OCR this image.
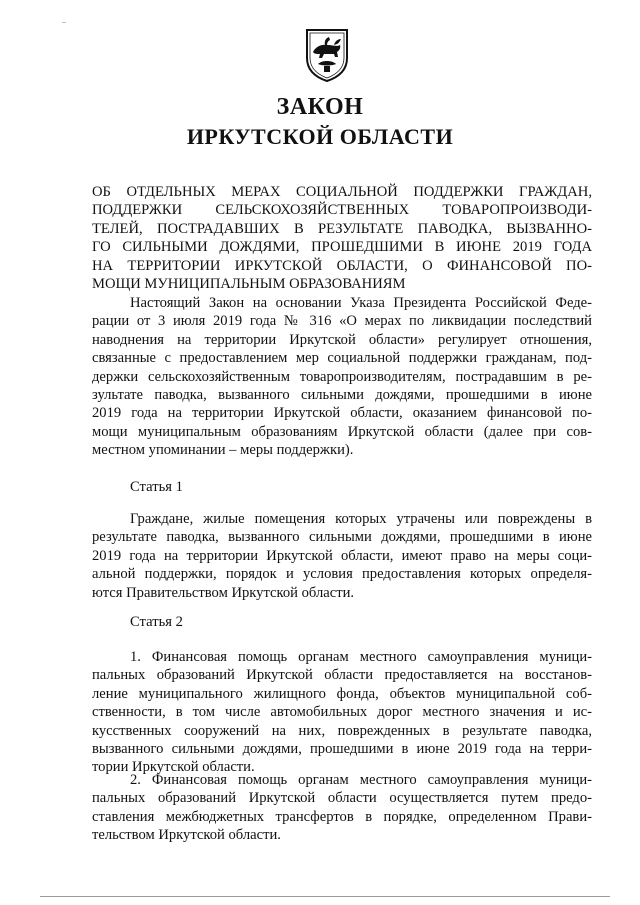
ЗАКОН
ИРКУТСКОЙ ОБЛАСТИ
ОБ ОТДЕЛЬНЫХ МЕРАХ СОЦИАЛЬНОЙ ПОДДЕРЖКИ ГРАЖДАН,
ПОДДЕРЖКИ СЕЛЬСКОХОЗЯЙСТВЕННЫХ ТОВАРОПРОИЗВОДИ-
ТЕЛЕЙ, ПОСТРАДАВШИХ В РЕЗУЛЬТАТЕ ПАВОДКА, ВЫЗВАННО-
ГО СИЛЬНЫМИ ДОЖДЯМИ, ПРОШЕДШИМИ В ИЮНЕ 2019 ГОДА
НА ТЕРРИТОРИИ ИРКУТСКОЙ ОБЛАСТИ, О ФИНАНСОВОЙ ПО-
МОЩИ МУНИЦИПАЛЬНЫМ ОБРАЗОВАНИЯМ
Настоящий Закон на основании Указа Президента Российской Феде-
рации от 3 июля 2019 года № 316 «О мерах по ликвидации последствий
наводнения на территории Иркутской области» регулирует отношения,
связанные с предоставлением мер социальной поддержки гражданам, под-
держки сельскохозяйственным товаропроизводителям, пострадавшим в ре-
зультате паводка, вызванного сильными дождями, прошедшими в июне
2019 года на территории Иркутской области, оказанием финансовой по-
мощи муниципальным образованиям Иркутской области (далее при сов-
местном упоминании – меры поддержки).
Статья 1
Граждане, жилые помещения которых утрачены или повреждены в
результате паводка, вызванного сильными дождями, прошедшими в июне
2019 года на территории Иркутской области, имеют право на меры соци-
альной поддержки, порядок и условия предоставления которых определя-
ются Правительством Иркутской области.
Статья 2
1. Финансовая помощь органам местного самоуправления муници-
пальных образований Иркутской области предоставляется на восстанов-
ление муниципального жилищного фонда, объектов муниципальной соб-
ственности, в том числе автомобильных дорог местного значения и ис-
кусственных сооружений на них, поврежденных в результате паводка,
вызванного сильными дождями, прошедшими в июне 2019 года на терри-
тории Иркутской области.
2. Финансовая помощь органам местного самоуправления муници-
пальных образований Иркутской области осуществляется путем предо-
ставления межбюджетных трансфертов в порядке, определенном Прави-
тельством Иркутской области.
